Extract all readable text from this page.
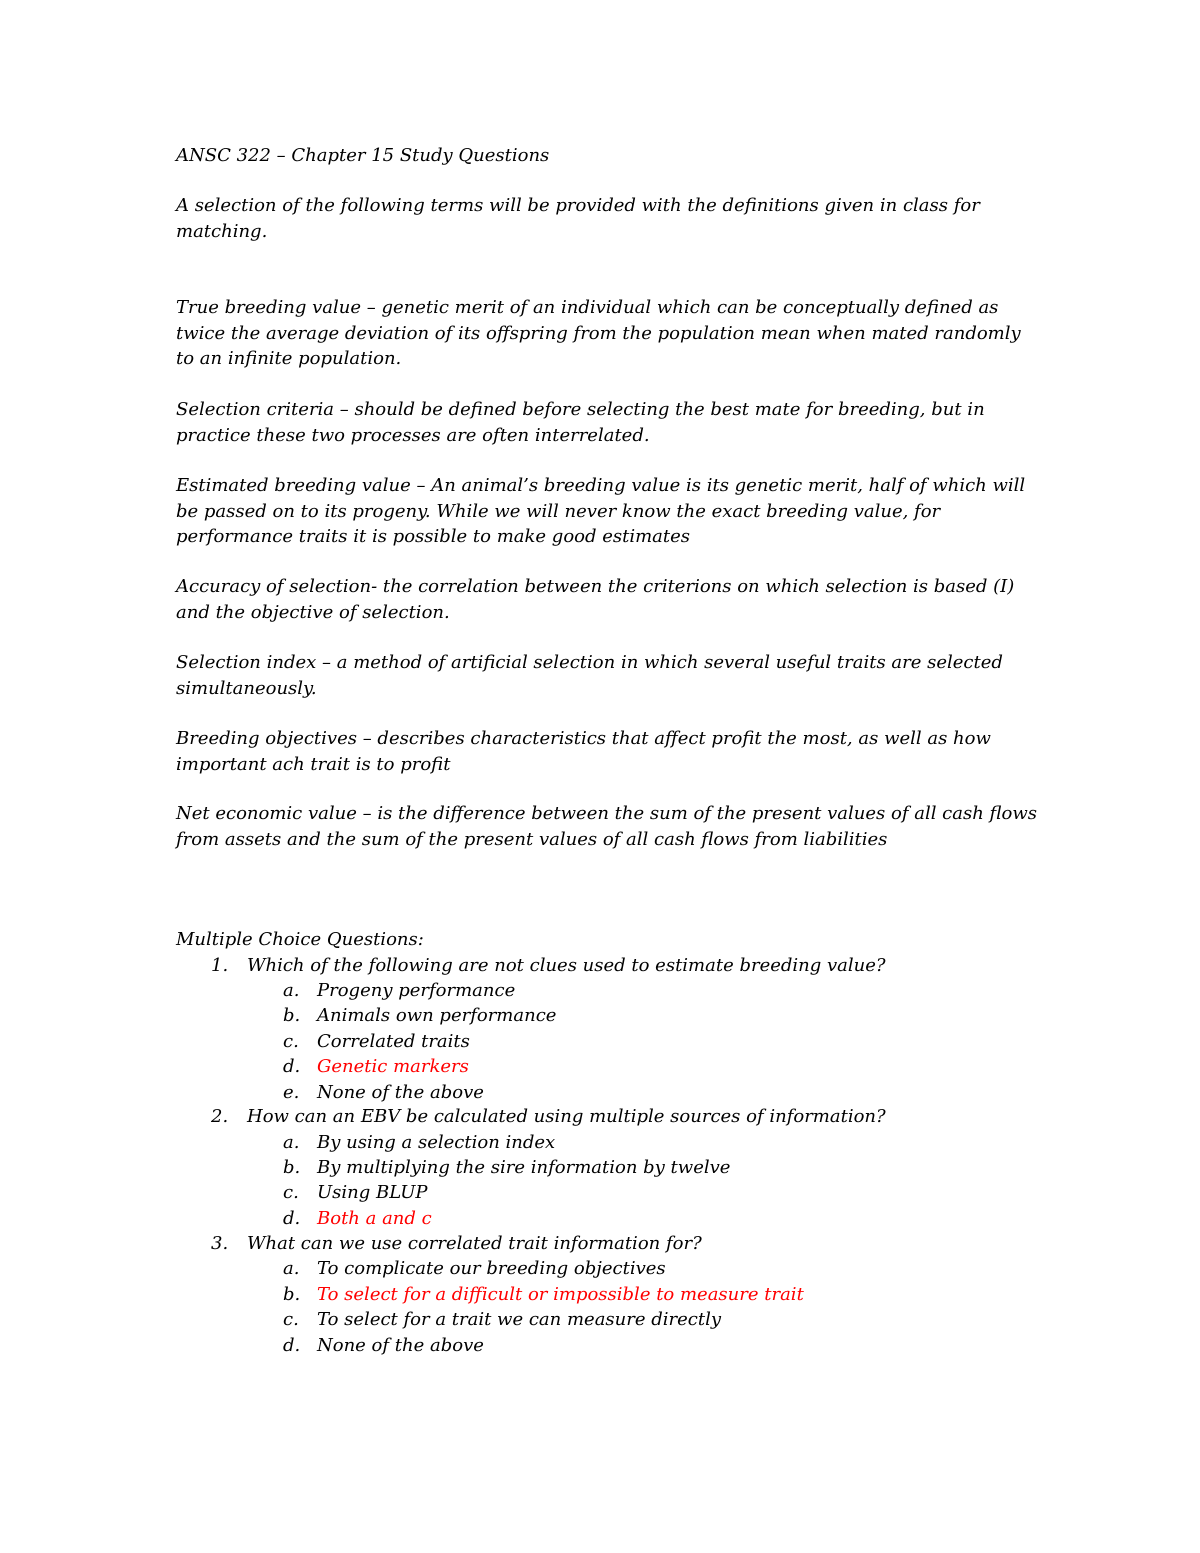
ANSC 322 – Chapter 15 Study Questions
A selection of the following terms will be provided with the definitions given in class for
matching.
True breeding value – genetic merit of an individual which can be conceptually defined as
twice the average deviation of its offspring from the population mean when mated randomly
to an infinite population.
Selection criteria – should be defined before selecting the best mate for breeding, but in
practice these two processes are often interrelated.
Estimated breeding value – An animal’s breeding value is its genetic merit, half of which will
be passed on to its progeny. While we will never know the exact breeding value, for
performance traits it is possible to make good estimates
Accuracy of selection- the correlation between the criterions on which selection is based (I)
and the objective of selection.
Selection index – a method of artificial selection in which several useful traits are selected
simultaneously.
Breeding objectives – describes characteristics that affect profit the most, as well as how
important ach trait is to profit
Net economic value – is the difference between the sum of the present values of all cash flows
from assets and the sum of the present values of all cash flows from liabilities
Multiple Choice Questions:
1.	Which of the following are not clues used to estimate breeding value?
a. Progeny performance
b. Animals own performance
c. Correlated traits
d. Genetic markers
e. None of the above
2.	How can an EBV be calculated using multiple sources of information?
a. By using a selection index
b. By multiplying the sire information by twelve
c. Using BLUP
d. Both a and c
3.	What can we use correlated trait information for?
a. To complicate our breeding objectives
b. To select for a difficult or impossible to measure trait
c. To select for a trait we can measure directly
d. None of the above
